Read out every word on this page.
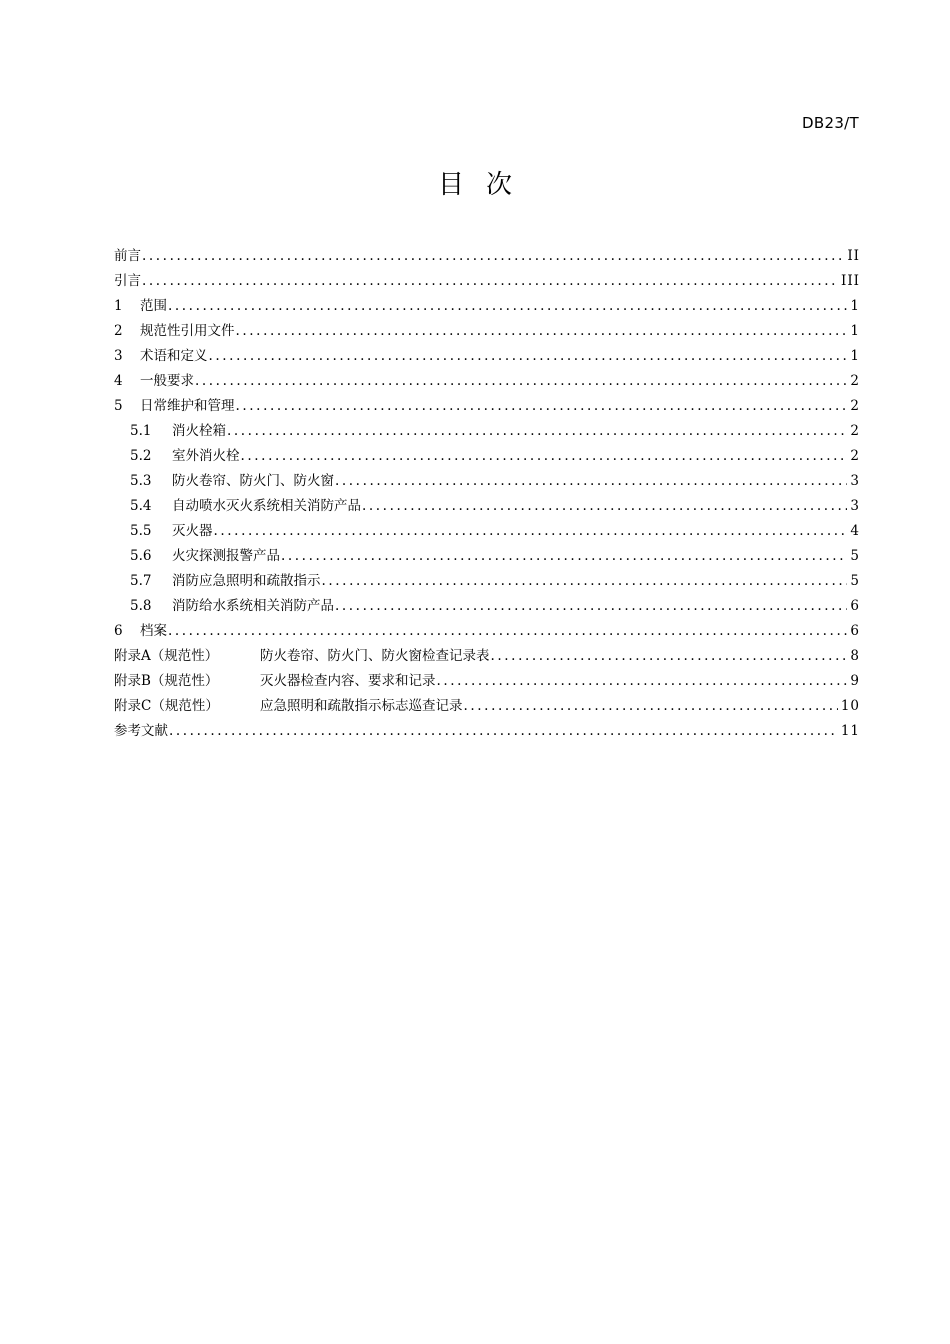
DB23/T
目次
前言 .....	II
引言 .....	III
1	范围 .....	1
2	规范性引用文件 .....	1
3	术语和定义 .....	1
4	一般要求 .....	2
5	日常维护和管理 .....	2
5.1	消火栓箱 .....	2
5.2	室外消火栓 .....	2
5.3	防火卷帘、防火门、防火窗 .....	3
5.4	自动喷水灭火系统相关消防产品 .....	3
5.5	灭火器 .....	4
5.6	火灾探测报警产品 .....	5
5.7	消防应急照明和疏散指示 .....	5
5.8	消防给水系统相关消防产品 .....	6
6	档案 .....	6
附录A（规范性）	防火卷帘、防火门、防火窗检查记录表 .....	8
附录B（规范性）	灭火器检查内容、要求和记录 .....	9
附录C（规范性）	应急照明和疏散指示标志巡查记录 .....	10
参考文献 .....	11
